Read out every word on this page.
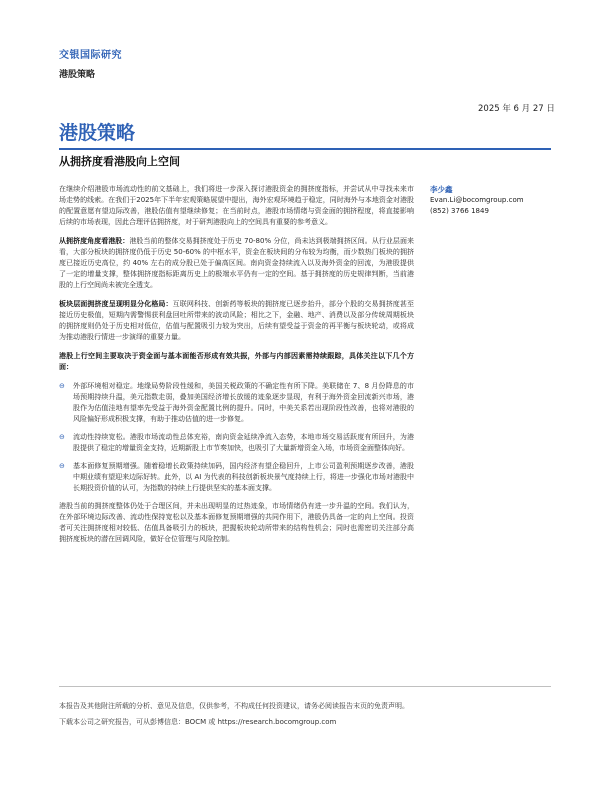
交银国际研究
港股策略
2025 年 6 月 27 日
港股策略
从拥挤度看港股向上空间
李少鑫
Evan.Li@bocomgroup.com
(852) 3766 1849

在继续介绍港股市场流动性的前文基础上，我们将进一步深入探讨港股资金的拥挤度指标，并尝试从中寻找未来市场走势的线索。在我们于2025年下半年宏观策略展望中提出，海外宏观环境趋于稳定，同时海外与本地资金对港股的配置意愿有望边际改善，港股估值有望继续修复；在当前时点，港股市场情绪与资金面的拥挤程度，将直接影响后续的市场表现，因此合理评估拥挤度，对于研判港股向上的空间具有重要的参考意义。

从拥挤度角度看港股：港股当前的整体交易拥挤度处于历史 70-80% 分位，尚未达到极端拥挤区间。从行业层面来看，大部分板块的拥挤度仍低于历史 50-60% 的中枢水平，资金在板块间的分布较为均衡，而少数热门板块的拥挤度已接近历史高位，约 40% 左右的成分股已处于偏高区间。南向资金持续流入以及海外资金的回流，为港股提供了一定的增量支撑，整体拥挤度指标距离历史上的极端水平仍有一定的空间。基于拥挤度的历史规律判断，当前港股的上行空间尚未被完全透支。

板块层面拥挤度呈现明显分化格局：互联网科技、创新药等板块的拥挤度已逐步抬升，部分个股的交易拥挤度甚至接近历史极值，短期内需警惕获利盘回吐所带来的波动风险；相比之下，金融、地产、消费以及部分传统周期板块的拥挤度则仍处于历史相对低位，估值与配置吸引力较为突出，后续有望受益于资金的再平衡与板块轮动，或将成为推动港股行情进一步演绎的重要力量。

港股上行空间主要取决于资金面与基本面能否形成有效共振，外部与内部因素需持续跟踪，具体关注以下几个方面：

⊖	外部环境相对稳定。地缘局势阶段性缓和，美国关税政策的不确定性有所下降。美联储在 7、8 月份降息的市场预期持续升温，美元指数走弱，叠加美国经济增长放缓的迹象逐步显现，有利于海外资金回流新兴市场，港股作为估值洼地有望率先受益于海外资金配置比例的提升。同时，中美关系若出现阶段性改善，也将对港股的风险偏好形成积极支撑，有助于推动估值的进一步修复。
⊖	流动性持续宽松。港股市场流动性总体充裕，南向资金延续净流入态势，本地市场交易活跃度有所回升，为港股提供了稳定的增量资金支持，近期新股上市节奏加快，也吸引了大量新增资金入场，市场资金面整体向好。
⊖	基本面修复预期增强。随着稳增长政策持续加码，国内经济有望企稳回升，上市公司盈利预期逐步改善，港股中期业绩有望迎来边际好转。此外，以 AI 为代表的科技创新板块景气度持续上行，将进一步强化市场对港股中长期投资价值的认可，为指数的持续上行提供坚实的基本面支撑。

港股当前的拥挤度整体仍处于合理区间，并未出现明显的过热迹象，市场情绪仍有进一步升温的空间。我们认为，在外部环境边际改善、流动性保持宽松以及基本面修复预期增强的共同作用下，港股仍具备一定的向上空间。投资者可关注拥挤度相对较低、估值具备吸引力的板块，把握板块轮动所带来的结构性机会；同时也需密切关注部分高拥挤度板块的潜在回调风险，做好仓位管理与风险控制。

本报告及其他附注所载的分析、意见及信息，仅供参考，不构成任何投资建议，请务必阅读报告末页的免责声明。
下载本公司之研究报告，可从彭博信息：BOCM 或 https://research.bocomgroup.com
